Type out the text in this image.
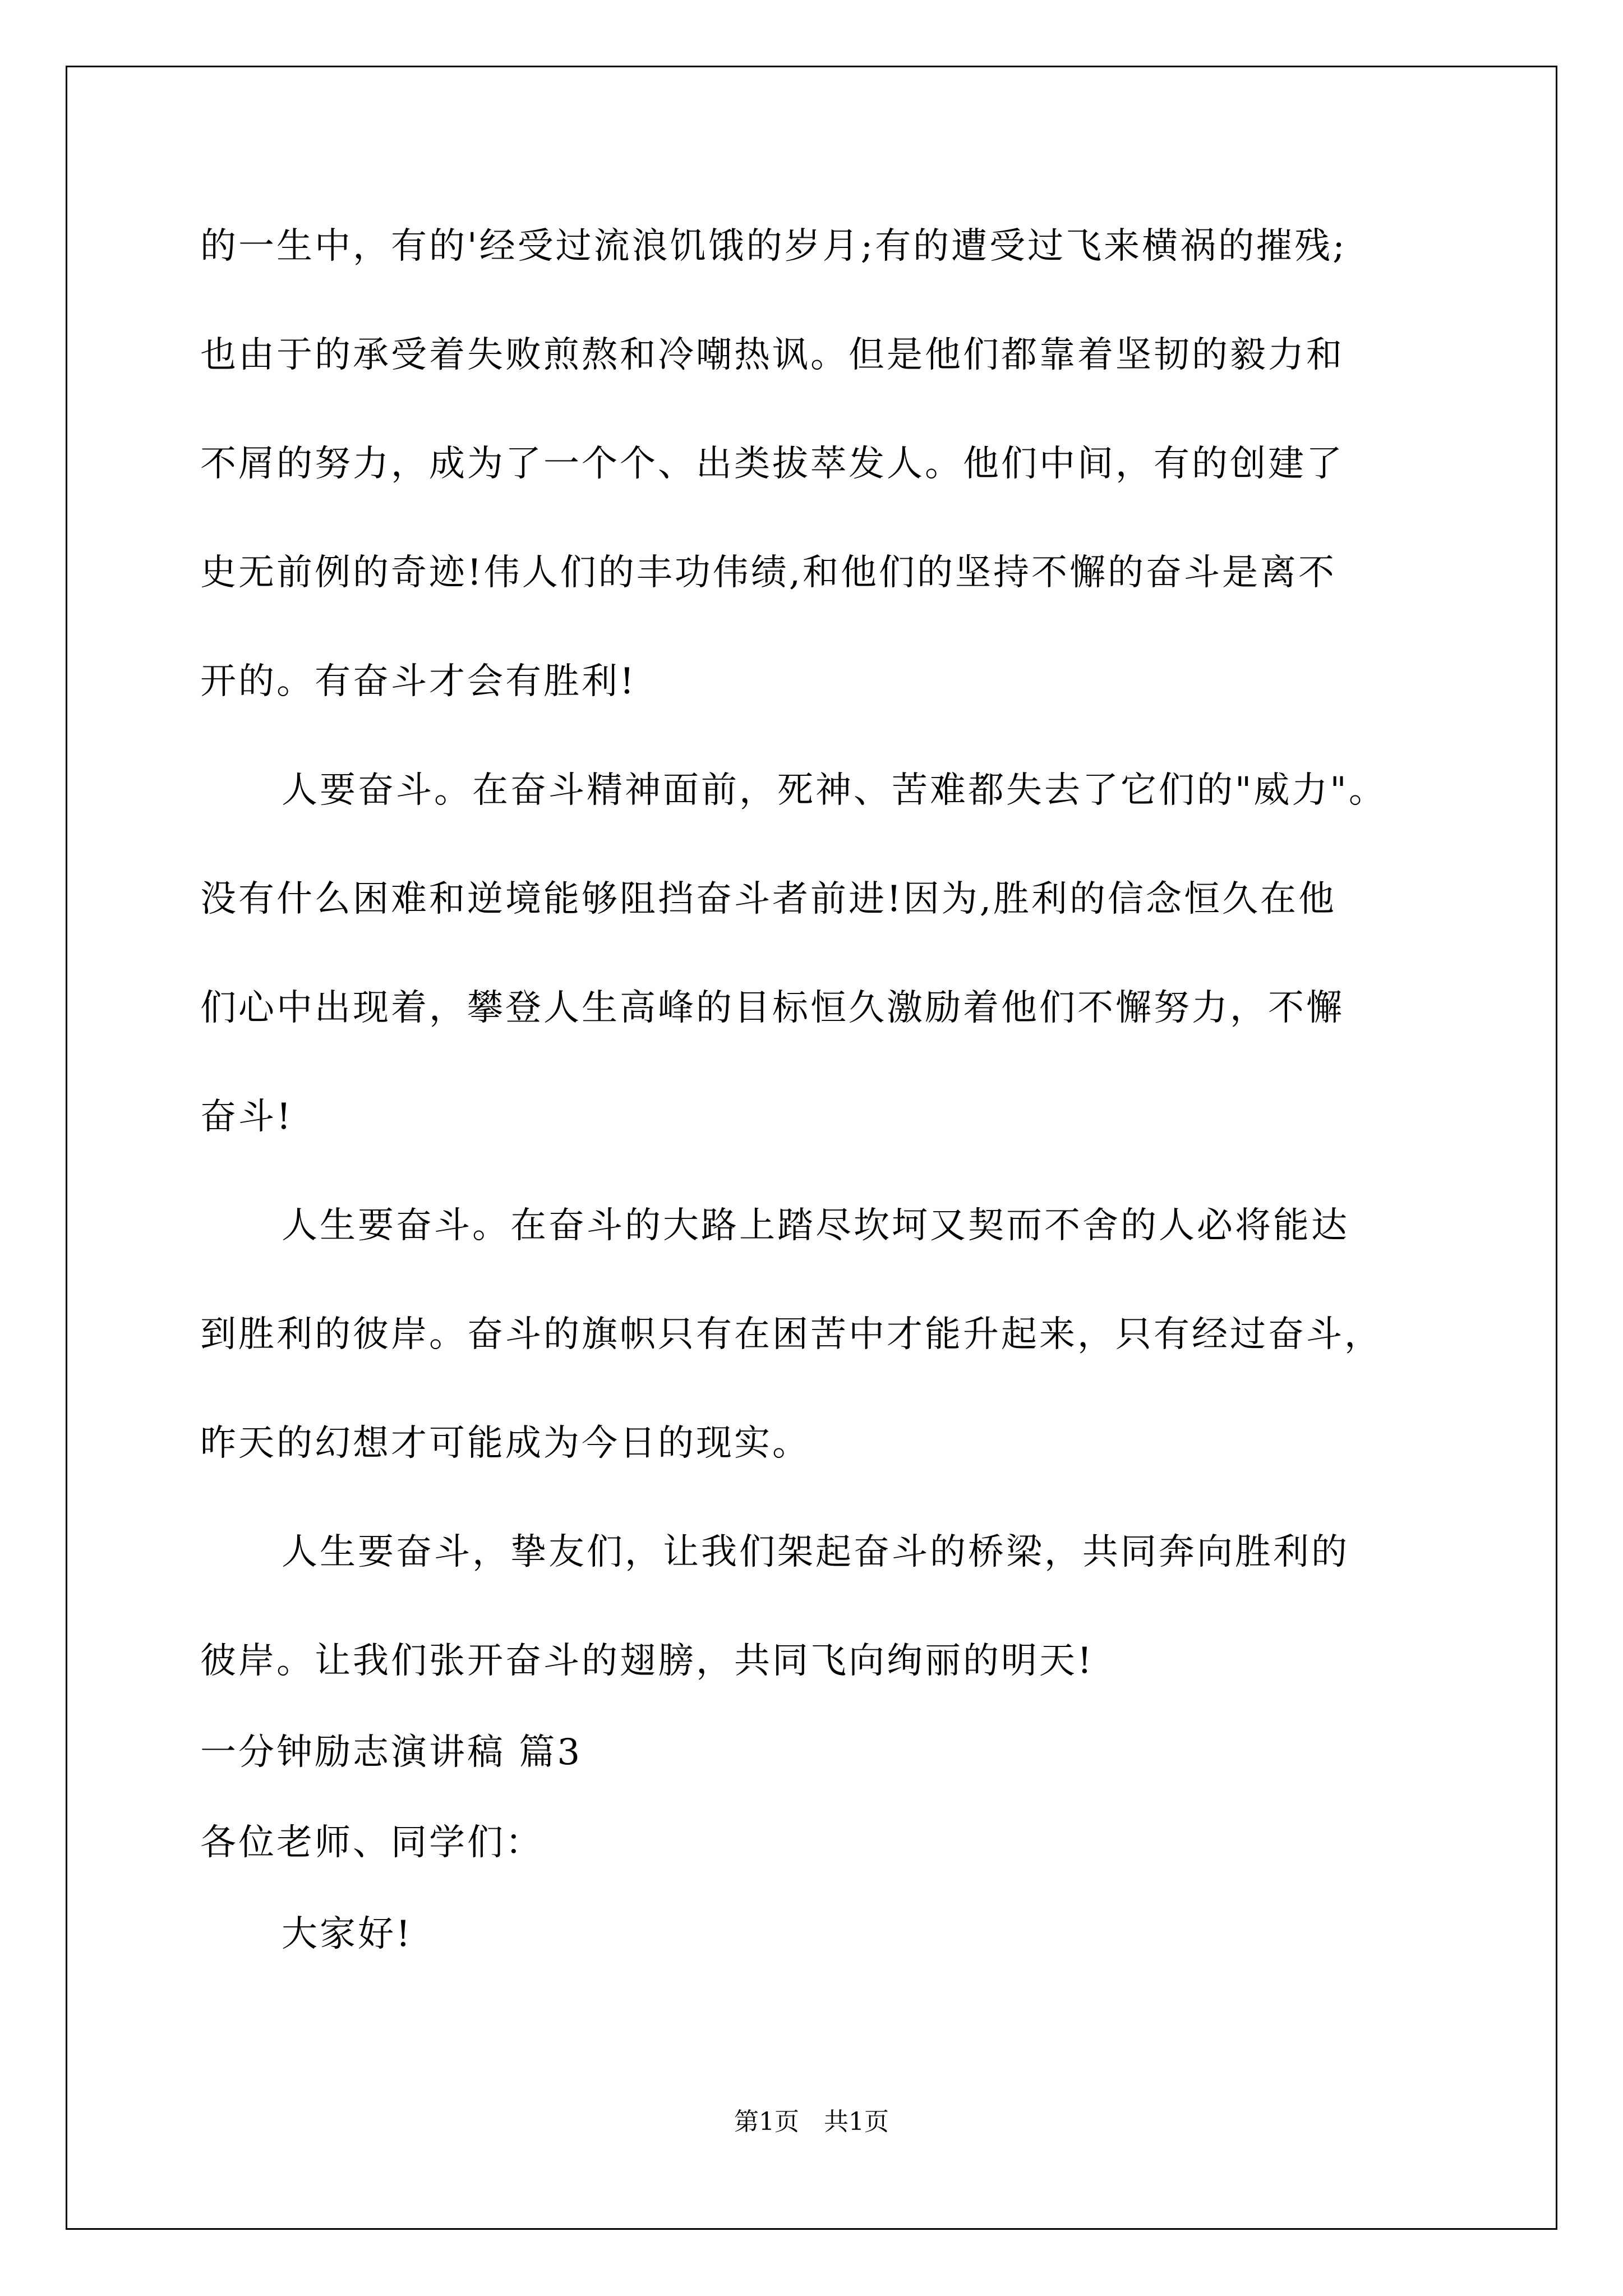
的一生中，有的'经受过流浪饥饿的岁月;有的遭受过飞来横祸的摧残;
也由于的承受着失败煎熬和冷嘲热讽。但是他们都靠着坚韧的毅力和
不屑的努力，成为了一个个、出类拔萃发人。他们中间，有的创建了
史无前例的奇迹!伟人们的丰功伟绩,和他们的坚持不懈的奋斗是离不
开的。有奋斗才会有胜利!
人要奋斗。在奋斗精神面前，死神、苦难都失去了它们的"威力"。
没有什么困难和逆境能够阻挡奋斗者前进!因为,胜利的信念恒久在他
们心中出现着，攀登人生高峰的目标恒久激励着他们不懈努力，不懈
奋斗!
人生要奋斗。在奋斗的大路上踏尽坎坷又契而不舍的人必将能达
到胜利的彼岸。奋斗的旗帜只有在困苦中才能升起来，只有经过奋斗，
昨天的幻想才可能成为今日的现实。
人生要奋斗，挚友们，让我们架起奋斗的桥梁，共同奔向胜利的
彼岸。让我们张开奋斗的翅膀，共同飞向绚丽的明天!
一分钟励志演讲稿 篇3
各位老师、同学们：
大家好!
第1页　共1页
